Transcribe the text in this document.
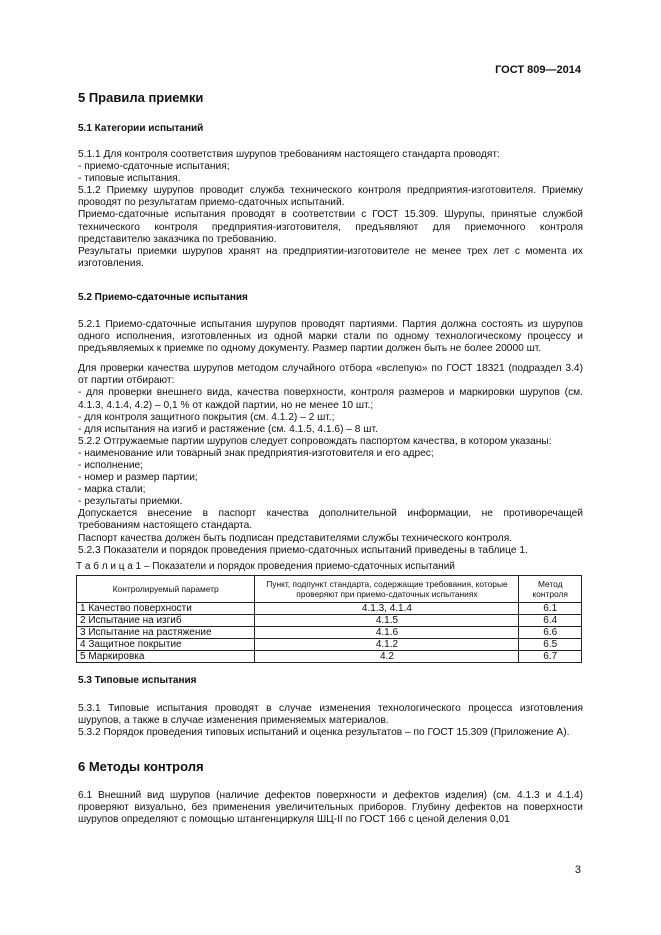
ГОСТ 809—2014
5 Правила приемки
5.1 Категории испытаний

5.1.1 Для контроля соответствия шурупов требованиям настоящего стандарта проводят:

- приемо-сдаточные испытания;

- типовые испытания.

5.1.2 Приемку шурупов проводит служба технического контроля предприятия-изготовителя. Приемку проводят по результатам приемо-сдаточных испытаний.

Приемо-сдаточные испытания проводят в соответствии с ГОСТ 15.309. Шурупы, принятые службой технического контроля предприятия-изготовителя, предъявляют для приемочного контроля представителю заказчика по требованию.

Результаты приемки шурупов хранят на предприятии-изготовителе не менее трех лет с момента их изготовления.

5.2 Приемо-сдаточные испытания

5.2.1 Приемо-сдаточные испытания шурупов проводят партиями. Партия должна состоять из шурупов одного исполнения, изготовленных из одной марки стали по одному технологическому процессу и предъявляемых к приемке по одному документу. Размер партии должен быть не более 20000 шт.

Для проверки качества шурупов методом случайного отбора «вслепую» по ГОСТ 18321 (подраздел 3.4) от партии отбирают:

- для проверки внешнего вида, качества поверхности, контроля размеров и маркировки шурупов (см. 4.1.3, 4.1.4, 4.2) – 0,1 % от каждой партии, но не менее 10 шт.;

- для контроля защитного покрытия (см. 4.1.2) – 2 шт.;

- для испытания на изгиб и растяжение (см. 4.1.5, 4.1.6) – 8 шт.

5.2.2 Отгружаемые партии шурупов следует сопровождать паспортом качества, в котором указаны:

- наименование или товарный знак предприятия-изготовителя и его адрес;

- исполнение;

- номер и размер партии;

- марка стали;

- результаты приемки.

Допускается внесение в паспорт качества дополнительной информации, не противоречащей требованиям настоящего стандарта.

Паспорт качества должен быть подписан представителями службы технического контроля.

5.2.3 Показатели и порядок проведения приемо-сдаточных испытаний приведены в таблице 1.

Т а б л и ц а 1 – Показатели и порядок проведения приемо-сдаточных испытаний
Контролируемый параметр	Пункт, подпункт стандарта, содержащие требования, которые проверяют при приемо-сдаточных испытаниях	Метод контроля
1 Качество поверхности	4.1.3, 4.1.4	6.1
2 Испытание на изгиб	4.1.5	6.4
3 Испытание на растяжение	4.1.6	6.6
4 Защитное покрытие	4.1.2	6.5
5 Маркировка	4.2	6.7
5.3 Типовые испытания

5.3.1 Типовые испытания проводят в случае изменения технологического процесса изготовления шурупов, а также в случае изменения применяемых материалов.

5.3.2 Порядок проведения типовых испытаний и оценка результатов – по ГОСТ 15.309 (Приложение А).

6 Методы контроля

6.1 Внешний вид шурупов (наличие дефектов поверхности и дефектов изделия) (см. 4.1.3 и 4.1.4) проверяют визуально, без применения увеличительных приборов. Глубину дефектов на поверхности шурупов определяют с помощью штангенциркуля ШЦ-II по ГОСТ 166 с ценой деления 0,01

3
